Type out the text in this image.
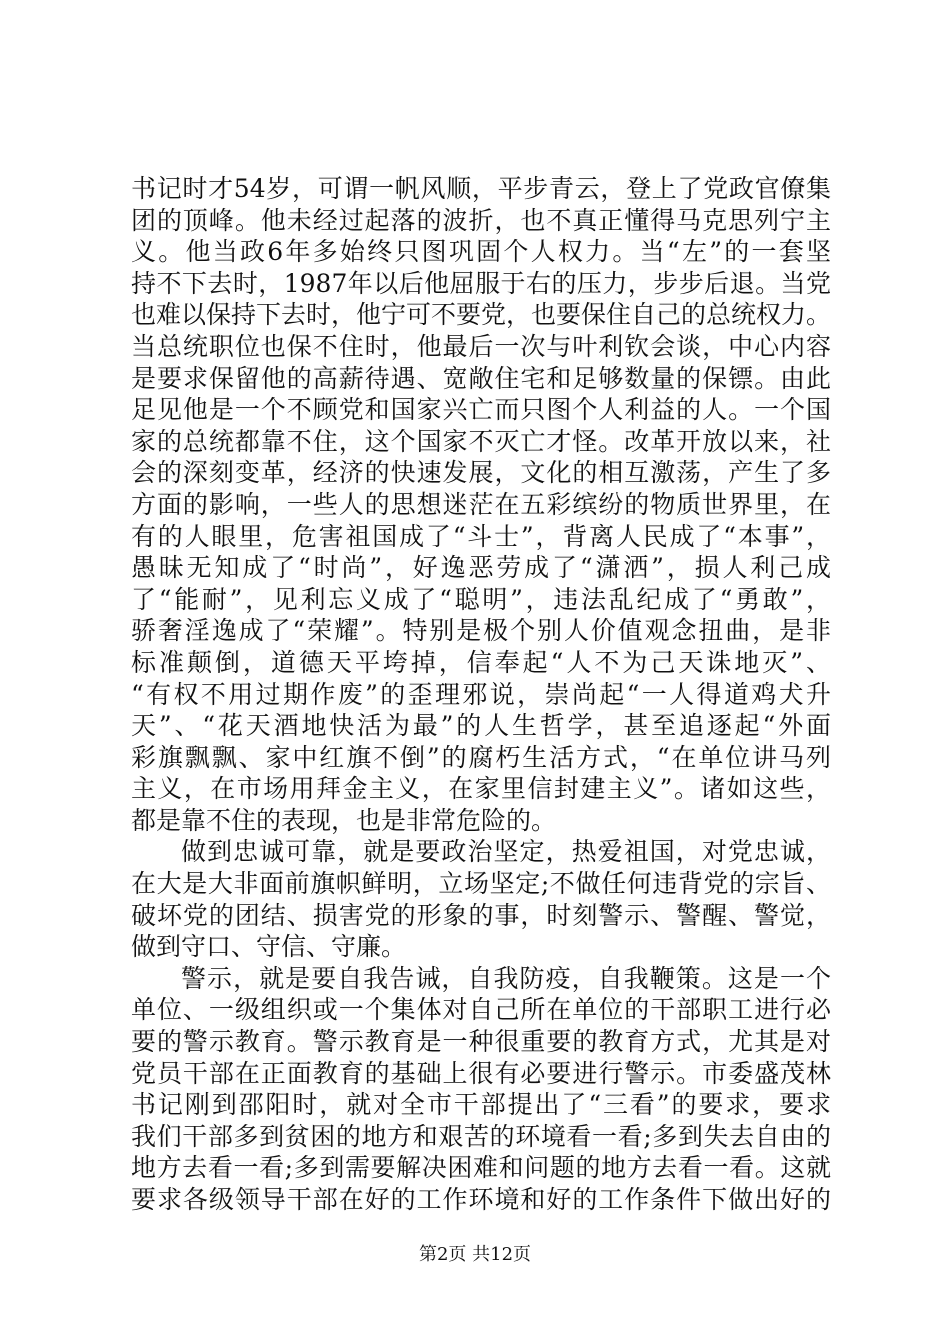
书记时才54岁，可谓一帆风顺，平步青云，登上了党政官僚集
团的顶峰。他未经过起落的波折，也不真正懂得马克思列宁主
义。他当政6年多始终只图巩固个人权力。当“左”的一套坚
持不下去时，1987年以后他屈服于右的压力，步步后退。当党
也难以保持下去时，他宁可不要党，也要保住自己的总统权力。
当总统职位也保不住时，他最后一次与叶利钦会谈，中心内容
是要求保留他的高薪待遇、宽敞住宅和足够数量的保镖。由此
足见他是一个不顾党和国家兴亡而只图个人利益的人。一个国
家的总统都靠不住，这个国家不灭亡才怪。改革开放以来，社
会的深刻变革，经济的快速发展，文化的相互激荡，产生了多
方面的影响，一些人的思想迷茫在五彩缤纷的物质世界里，在
有的人眼里，危害祖国成了“斗士”，背离人民成了“本事”，
愚昧无知成了“时尚”，好逸恶劳成了“潇洒”，损人利己成
了“能耐”，见利忘义成了“聪明”，违法乱纪成了“勇敢”，
骄奢淫逸成了“荣耀”。特别是极个别人价值观念扭曲，是非
标准颠倒，道德天平垮掉，信奉起“人不为己天诛地灭”、
“有权不用过期作废”的歪理邪说，崇尚起“一人得道鸡犬升
天”、“花天酒地快活为最”的人生哲学，甚至追逐起“外面
彩旗飘飘、家中红旗不倒”的腐朽生活方式，“在单位讲马列
主义，在市场用拜金主义，在家里信封建主义”。诸如这些，
都是靠不住的表现，也是非常危险的。
做到忠诚可靠，就是要政治坚定，热爱祖国，对党忠诚，
在大是大非面前旗帜鲜明，立场坚定;不做任何违背党的宗旨、
破坏党的团结、损害党的形象的事，时刻警示、警醒、警觉，
做到守口、守信、守廉。
警示，就是要自我告诫，自我防疫，自我鞭策。这是一个
单位、一级组织或一个集体对自己所在单位的干部职工进行必
要的警示教育。警示教育是一种很重要的教育方式，尤其是对
党员干部在正面教育的基础上很有必要进行警示。市委盛茂林
书记刚到邵阳时，就对全市干部提出了“三看”的要求，要求
我们干部多到贫困的地方和艰苦的环境看一看;多到失去自由的
地方去看一看;多到需要解决困难和问题的地方去看一看。这就
要求各级领导干部在好的工作环境和好的工作条件下做出好的
第2页 共12页
